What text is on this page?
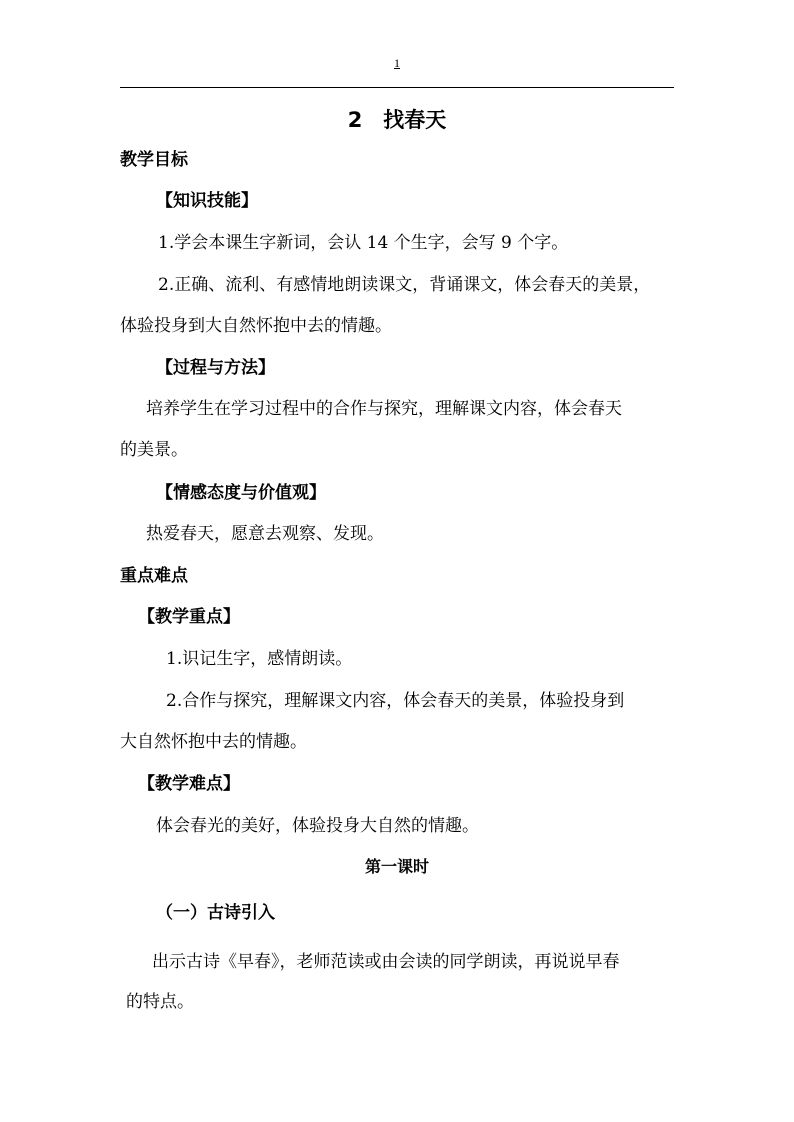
1
2　找春天
教学目标
【知识技能】
1.学会本课生字新词，会认 14 个生字，会写 9 个字。
2.正确、流利、有感情地朗读课文，背诵课文，体会春天的美景，
体验投身到大自然怀抱中去的情趣。
【过程与方法】
培养学生在学习过程中的合作与探究，理解课文内容，体会春天
的美景。
【情感态度与价值观】
热爱春天，愿意去观察、发现。
重点难点
【教学重点】
1.识记生字，感情朗读。
2.合作与探究，理解课文内容，体会春天的美景，体验投身到
大自然怀抱中去的情趣。
【教学难点】
体会春光的美好，体验投身大自然的情趣。
第一课时
（一）古诗引入
出示古诗《早春》，老师范读或由会读的同学朗读，再说说早春
的特点。
